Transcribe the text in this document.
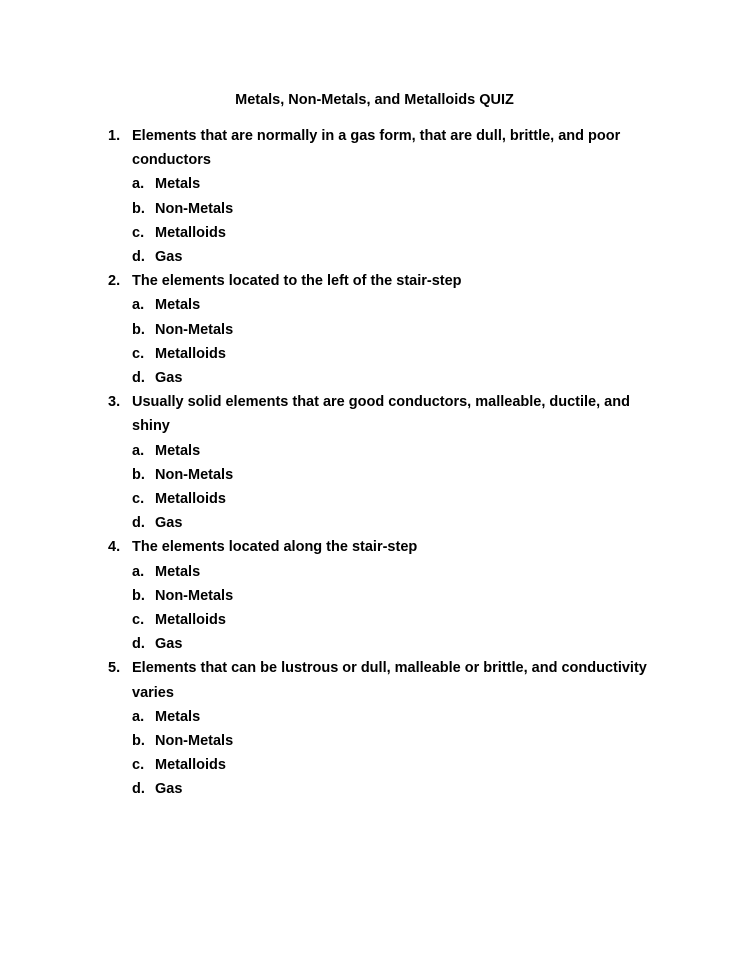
Metals, Non-Metals, and Metalloids QUIZ
1. Elements that are normally in a gas form, that are dull, brittle, and poor conductors
a. Metals
b. Non-Metals
c. Metalloids
d. Gas
2. The elements located to the left of the stair-step
a. Metals
b. Non-Metals
c. Metalloids
d. Gas
3. Usually solid elements that are good conductors, malleable, ductile, and shiny
a. Metals
b. Non-Metals
c. Metalloids
d. Gas
4. The elements located along the stair-step
a. Metals
b. Non-Metals
c. Metalloids
d. Gas
5. Elements that can be lustrous or dull, malleable or brittle, and conductivity varies
a. Metals
b. Non-Metals
c. Metalloids
d. Gas
